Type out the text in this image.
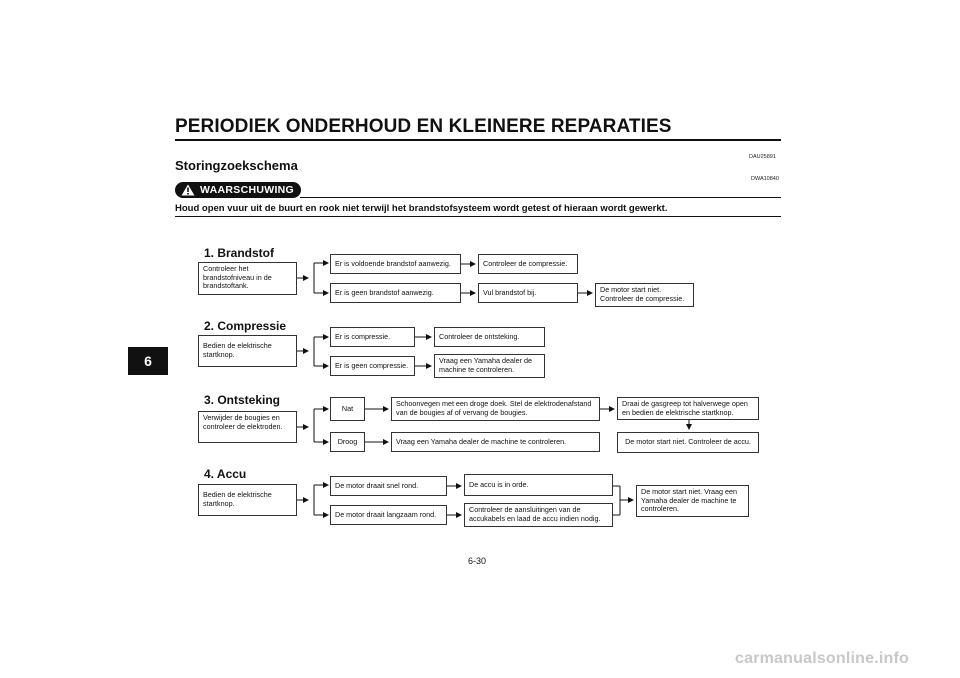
PERIODIEK ONDERHOUD EN KLEINERE REPARATIES
6
DAU25891
Storingzoekschema
DWA10840
WAARSCHUWING
Houd open vuur uit de buurt en rook niet terwijl het brandstofsysteem wordt getest of hieraan wordt gewerkt.
1. Brandstof
Controleer het brandstofniveau in de brandstoftank.
Er is voldoende brandstof aanwezig.	Controleer de compressie.
Er is geen brandstof aanwezig.	Vul brandstof bij.	De motor start niet.
Controleer de compressie.
2. Compressie
Bedien de elektrische startknop.
Er is compressie.	Controleer de ontsteking.
Er is geen compressie.
Vraag een Yamaha dealer de machine te controleren.
3. Ontsteking
Verwijder de bougies en controleer de elektroden.
Nat
Schoonvegen met een droge doek. Stel de elektrodenafstand van de bougies af of vervang de bougies.
Draai de gasgreep tot halverwege open en bedien de elektrische startknop.
Droog	Vraag een Yamaha dealer de machine te controleren.	De motor start niet. Controleer de accu.
4. Accu
Bedien de elektrische startknop.
De motor draait snel rond.	De accu is in orde.
De motor draait langzaam rond.
Controleer de aansluitingen van de accukabels en laad de accu indien nodig.
De motor start niet. Vraag een Yamaha dealer de machine te controleren.
6-30
carmanualsonline.info
